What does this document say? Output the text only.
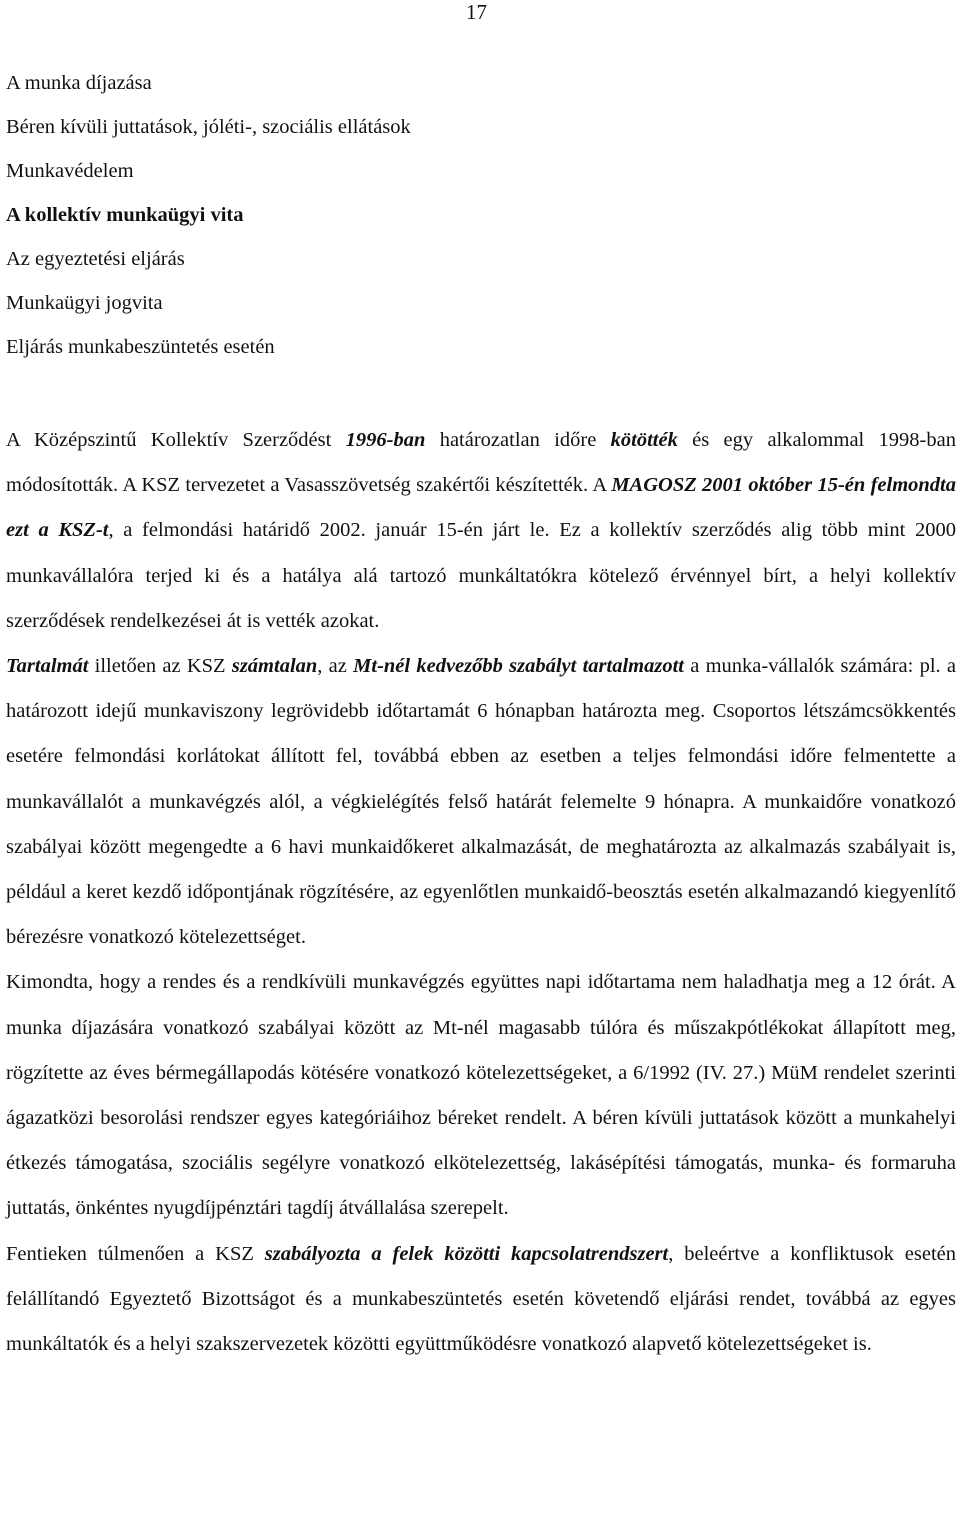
17
A munka díjazása
Béren kívüli juttatások, jóléti-, szociális ellátások
Munkavédelem
A kollektív munkaügyi vita
Az egyeztetési eljárás
Munkaügyi jogvita
Eljárás munkabeszüntetés esetén

A Középszintű Kollektív Szerződést 1996-ban határozatlan időre kötötték és egy alkalommal 1998-ban módosították. A KSZ tervezetet a Vasasszövetség szakértői készítették. A MAGOSZ 2001 október 15-én felmondta ezt a KSZ-t, a felmondási határidő 2002. január 15-én járt le. Ez a kollektív szerződés alig több mint 2000 munkavállalóra terjed ki és a hatálya alá tartozó munkáltatókra kötelező érvénnyel bírt, a helyi kollektív szerződések rendelkezései át is vették azokat.

Tartalmát illetően az KSZ számtalan, az Mt-nél kedvezőbb szabályt tartalmazott a munka-vállalók számára: pl. a határozott idejű munkaviszony legrövidebb időtartamát 6 hónapban határozta meg. Csoportos létszámcsökkentés esetére felmondási korlátokat állított fel, továbbá ebben az esetben a teljes felmondási időre felmentette a munkavállalót a munkavégzés alól, a végkielégítés felső határát felemelte 9 hónapra. A munkaidőre vonatkozó szabályai között megengedte a 6 havi munkaidőkeret alkalmazását, de meghatározta az alkalmazás szabályait is, például a keret kezdő időpontjának rögzítésére, az egyenlőtlen munkaidő-beosztás esetén alkalmazandó kiegyenlítő bérezésre vonatkozó kötelezettséget.

Kimondta, hogy a rendes és a rendkívüli munkavégzés együttes napi időtartama nem haladhatja meg a 12 órát. A munka díjazására vonatkozó szabályai között az Mt-nél magasabb túlóra és műszakpótlékokat állapított meg, rögzítette az éves bérmegállapodás kötésére vonatkozó kötelezettségeket, a 6/1992 (IV. 27.) MüM rendelet szerinti ágazatközi besorolási rendszer egyes kategóriáihoz béreket rendelt. A béren kívüli juttatások között a munkahelyi étkezés támogatása, szociális segélyre vonatkozó elkötelezettség, lakásépítési támogatás, munka- és formaruha juttatás, önkéntes nyugdíjpénztári tagdíj átvállalása szerepelt.

Fentieken túlmenően a KSZ szabályozta a felek közötti kapcsolatrendszert, beleértve a konfliktusok esetén felállítandó Egyeztető Bizottságot és a munkabeszüntetés esetén követendő eljárási rendet, továbbá az egyes munkáltatók és a helyi szakszervezetek közötti együttműködésre vonatkozó alapvető kötelezettségeket is.
